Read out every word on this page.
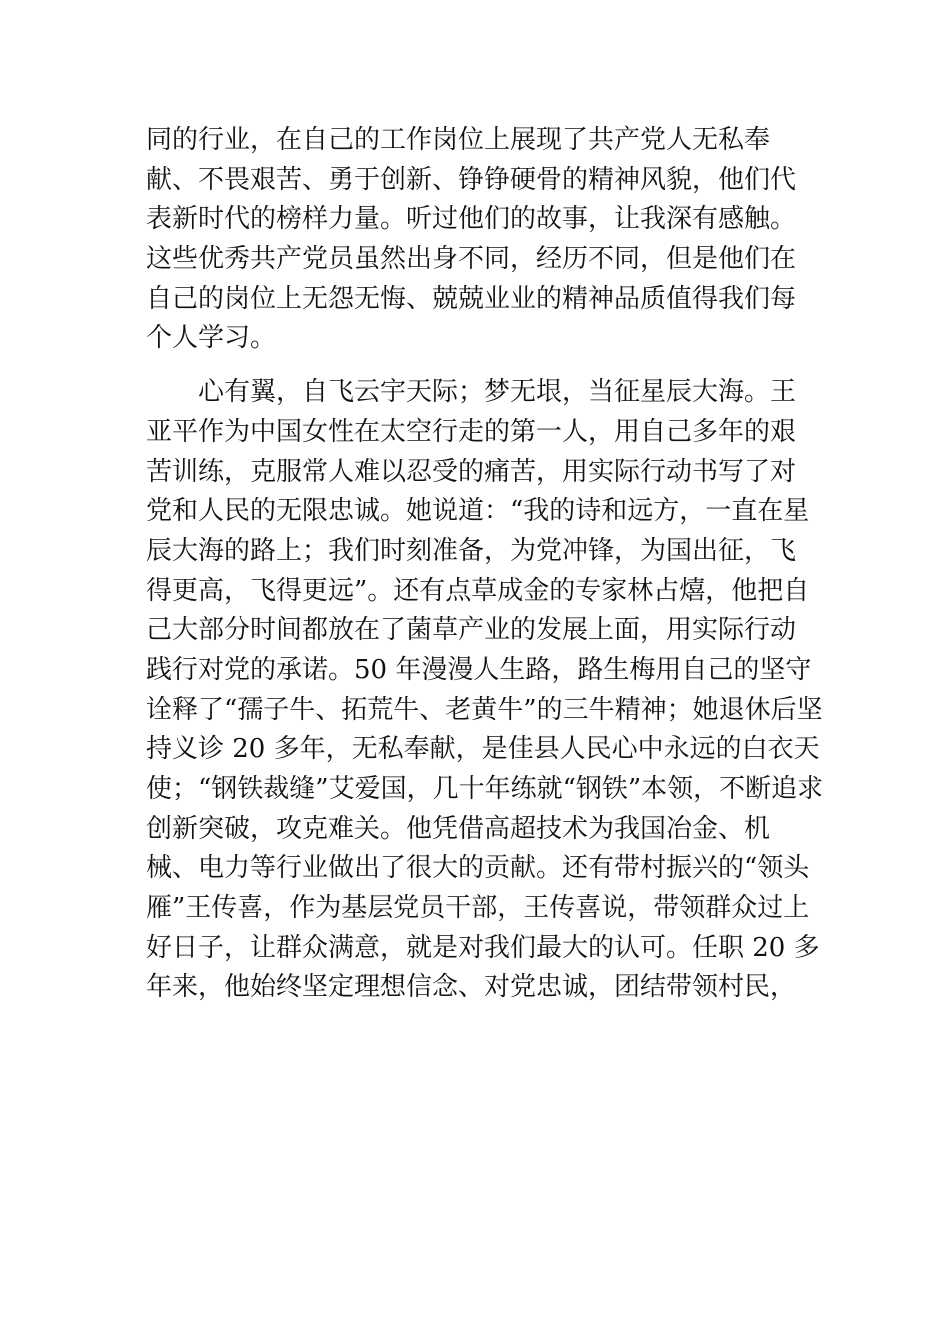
同的行业，在自己的工作岗位上展现了共产党人无私奉
献、不畏艰苦、勇于创新、铮铮硬骨的精神风貌，他们代
表新时代的榜样力量。听过他们的故事，让我深有感触。
这些优秀共产党员虽然出身不同，经历不同，但是他们在
自己的岗位上无怨无悔、兢兢业业的精神品质值得我们每
个人学习。
　　心有翼，自飞云宇天际；梦无垠，当征星辰大海。王
亚平作为中国女性在太空行走的第一人，用自己多年的艰
苦训练，克服常人难以忍受的痛苦，用实际行动书写了对
党和人民的无限忠诚。她说道：“我的诗和远方，一直在星
辰大海的路上；我们时刻准备，为党冲锋，为国出征，飞
得更高，飞得更远”。还有点草成金的专家林占熺，他把自
己大部分时间都放在了菌草产业的发展上面，用实际行动
践行对党的承诺。50 年漫漫人生路，路生梅用自己的坚守
诠释了“孺子牛、拓荒牛、老黄牛”的三牛精神；她退休后坚
持义诊 20 多年，无私奉献，是佳县人民心中永远的白衣天
使；“钢铁裁缝”艾爱国，几十年练就“钢铁”本领，不断追求
创新突破，攻克难关。他凭借高超技术为我国冶金、机
械、电力等行业做出了很大的贡献。还有带村振兴的“领头
雁”王传喜，作为基层党员干部，王传喜说，带领群众过上
好日子，让群众满意，就是对我们最大的认可。任职 20 多
年来，他始终坚定理想信念、对党忠诚，团结带领村民，
